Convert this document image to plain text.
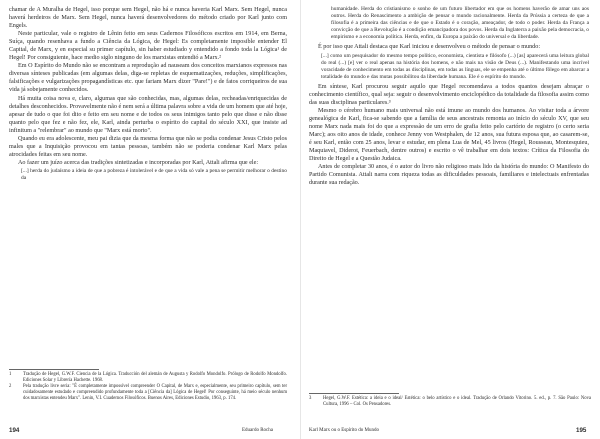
chamar de A Muralha de Hegel, isso porque sem Hegel, não há e nunca haveria Karl Marx. Sem Hegel, nunca haverá herdeiros de Marx. Sem Hegel, nunca haverá desenvolvedores do método criado por Karl junto com Engels.

Neste particular, vale o registro de Lênin feito em seus Cadernos Filosóficos escritos em 1914, em Berna, Suíça, quando resenhava a fundo a Ciência da Lógica, de Hegel: Es completamente imposible entender El Capital, de Marx, y en especial su primer capítulo, sin haber estudiado y entendido a fondo toda la Lógica¹ de Hegel! Por consiguiente, hace medio siglo ninguno de los marxistas entendió a Marx.²

Em O Espírito do Mundo não se encontram a reprodução ad nauseam dos conceitos marxianos expressos nas diversas sínteses publicadas (em algumas delas, diga-se repletas de esquematizações, reduções, simplificações, falsificações e vulgarizações propagandísticas etc. que fariam Marx dizer "Pare!") e de fatos corriqueiros de sua vida já sobejamente conhecidos.

Há muita coisa nova e, claro, algumas que são conhecidas, mas, algumas delas, recheadas/enriquecidas de detalhes desconhecidos. Provavelmente não é nem será a última palavra sobre a vida de um homem que até hoje, apesar de tudo o que foi dito e feito em seu nome e de todos os seus inimigos tanto pelo que disse e não disse quanto pelo que fez e não fez, ele, Karl, ainda perturba o espírito do capital do século XXI, que insiste ad infinitum a "relembrar" ao mundo que "Marx está morto".

Quando eu era adolescente, meu pai dizia que da mesma forma que não se podia condenar Jesus Cristo pelos males que a Inquisição provocou em tantas pessoas, também não se poderia condenar Karl Marx pelas atrocidades feitas em seu nome.

Ao fazer um juízo acerca das tradições sintetizadas e incorporadas por Karl, Attali afirma que ele:

[...] herda do judaísmo a ideia de que a pobreza é intolerável e de que a vida só vale a pena se permitir melhorar o destino da

1	Tradução de Hegel, G.W.F. Ciencia de la Lógica. Traducción del alemán de Augusta y Rodolfo Mondolfo. Prólogo de Rodolfo Mondolfo. Ediciones Solar y Librería Hachette. 1968.

2	Pela tradução livre seria: "É completamente impossível compreender O Capital, de Marx e, especialmente, seu primeiro capítulo, sem ter cuidadosamente estudado e compreendido profundamente toda a [Ciência da] Lógica de Hegel! Por conseguinte, há meio século nenhum dos marxistas entendeu Marx". Lenin, V.I. Cuadernos Filosóficos. Buenos Aires, Ediciones Estudio, 1963, p. 174.

194	Eduardo Rocha

humanidade. Herda do cristianismo o sonho de um futuro libertador em que os homens haverão de amar uns aos outros. Herda do Renascimento a ambição de pensar o mundo racionalmente. Herda da Prússia a certeza de que a filosofia é a primeira das ciências e de que o Estado é o coração, ameaçador, de todo o poder. Herda da França a convicção de que a Revolução é a condição emancipadora dos povos. Herda da Inglaterra a paixão pela democracia, o empirismo e a economia política. Herda, enfim, da Europa a paixão do universal e da liberdade.

É por isso que Attali destaca que Karl iniciou e desenvolveu o método de pensar o mundo:

[...] como um pesquisador do mesmo tempo político, economista, cientista e filósofo (...) [as] aparecerá uma leitura global do real (...) [e] ver o real apenas na história dos homens, e não mais na visão de Deus (...). Manifestando uma incrível voracidade de conhecimento em todas as disciplinas, em todas as línguas, ele se empenha até o último fôlego em abarcar a totalidade do mundo e das mutas possibilitou da liberdade humana. Ele é o espírito do mundo.

Em síntese, Karl procurou seguir aquilo que Hegel recomendava a todos quantos desejam abraçar o conhecimento científico, qual seja: seguir o desenvolvimento enciclopédico da totalidade da filosofia assim como das suas disciplinas particulares.³

Mesmo o cérebro humano mais universal não está imune ao mundo dos humanos. Ao visitar toda a árvore genealógica de Karl, fica-se sabendo que a família de seus ancestrais remonta ao início do século XV, que seu nome Marx nada mais foi do que a expressão de um erro de grafia feito pelo cartório de registro (o certo seria Marc); aos oito anos de idade, conhece Jenny von Westphalen, de 12 anos, sua futura esposa que, ao casarem-se, é seu Karl, então com 25 anos, levar e estudar, em plena Lua de Mel, 45 livros (Hegel, Rousseau, Montesquieu, Maquiavel, Diderot, Feuerbach, dentre outros) e escrito o vê trabalhar em dois textos: Crítica da Filosofia do Direito de Hegel e a Questão Judaica.

Antes de completar 30 anos, é o autor do livro não religioso mais lido da história do mundo: O Manifesto do Partido Comunista. Attali narra com riqueza todas as dificuldades pessoais, familiares e intelectuais enfrentadas durante sua redação.

3	Hegel, G.W.F. Estética: a ideia e o ideal/ Estética: o belo artístico e o ideal. Tradução de Orlando Vitorino. 5. ed., p. 7. São Paulo: Nova Cultura, 1996 – Col. Os Pensadores.

Karl Marx ou o Espírito do Mundo	195
